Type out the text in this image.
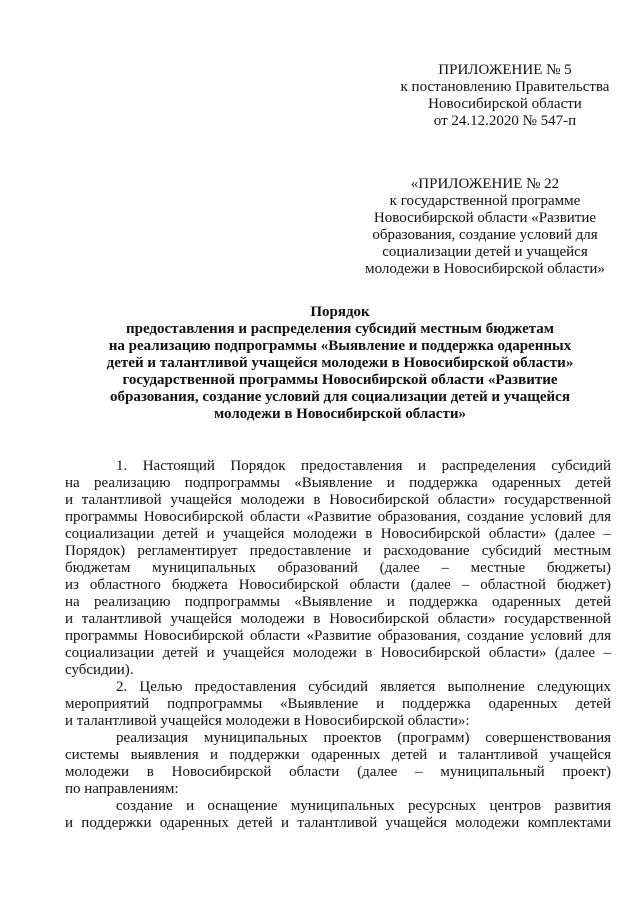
ПРИЛОЖЕНИЕ № 5
к постановлению Правительства
Новосибирской области
от 24.12.2020 № 547-п
«ПРИЛОЖЕНИЕ № 22
к государственной программе
Новосибирской области «Развитие
образования, создание условий для
социализации детей и учащейся
молодежи в Новосибирской области»
Порядок
предоставления и распределения субсидий местным бюджетам
на реализацию подпрограммы «Выявление и поддержка одаренных
детей и талантливой учащейся молодежи в Новосибирской области»
государственной программы Новосибирской области «Развитие
образования, создание условий для социализации детей и учащейся
молодежи в Новосибирской области»
1. Настоящий Порядок предоставления и распределения субсидий
на реализацию подпрограммы «Выявление и поддержка одаренных детей
и талантливой учащейся молодежи в Новосибирской области» государственной
программы Новосибирской области «Развитие образования, создание условий для
социализации детей и учащейся молодежи в Новосибирской области» (далее –
Порядок) регламентирует предоставление и расходование субсидий местным
бюджетам муниципальных образований (далее – местные бюджеты)
из областного бюджета Новосибирской области (далее – областной бюджет)
на реализацию подпрограммы «Выявление и поддержка одаренных детей
и талантливой учащейся молодежи в Новосибирской области» государственной
программы Новосибирской области «Развитие образования, создание условий для
социализации детей и учащейся молодежи в Новосибирской области» (далее –
субсидии).
2. Целью предоставления субсидий является выполнение следующих
мероприятий подпрограммы «Выявление и поддержка одаренных детей
и талантливой учащейся молодежи в Новосибирской области»:
реализация муниципальных проектов (программ) совершенствования
системы выявления и поддержки одаренных детей и талантливой учащейся
молодежи в Новосибирской области (далее – муниципальный проект)
по направлениям:
создание и оснащение муниципальных ресурсных центров развития
и поддержки одаренных детей и талантливой учащейся молодежи комплектами
